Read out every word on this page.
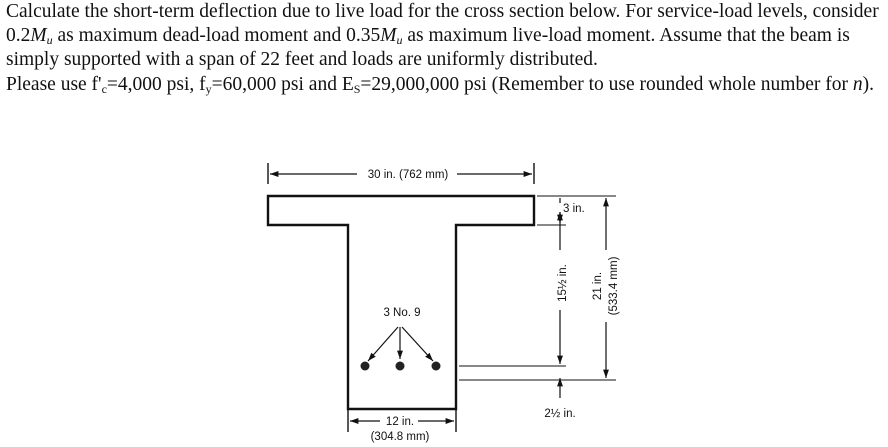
Calculate the short-term deflection due to live load for the cross section below. For service-load levels, consider $0.2M_u$ as maximum dead-load moment and $0.35M_u$ as maximum live-load moment. Assume that the beam is simply supported with a span of 22 feet and loads are uniformly distributed.

Please use $f'_c=4,000$ psi, $f_y=60,000$ psi and $E_S=29,000,000$ psi (Remember to use rounded whole number for n).

30 in. (762 mm)
3 No. 9
3 in.
15½ in. 21 in. (533.4 mm)
2½ in.
12 in.
(304.8 mm)
